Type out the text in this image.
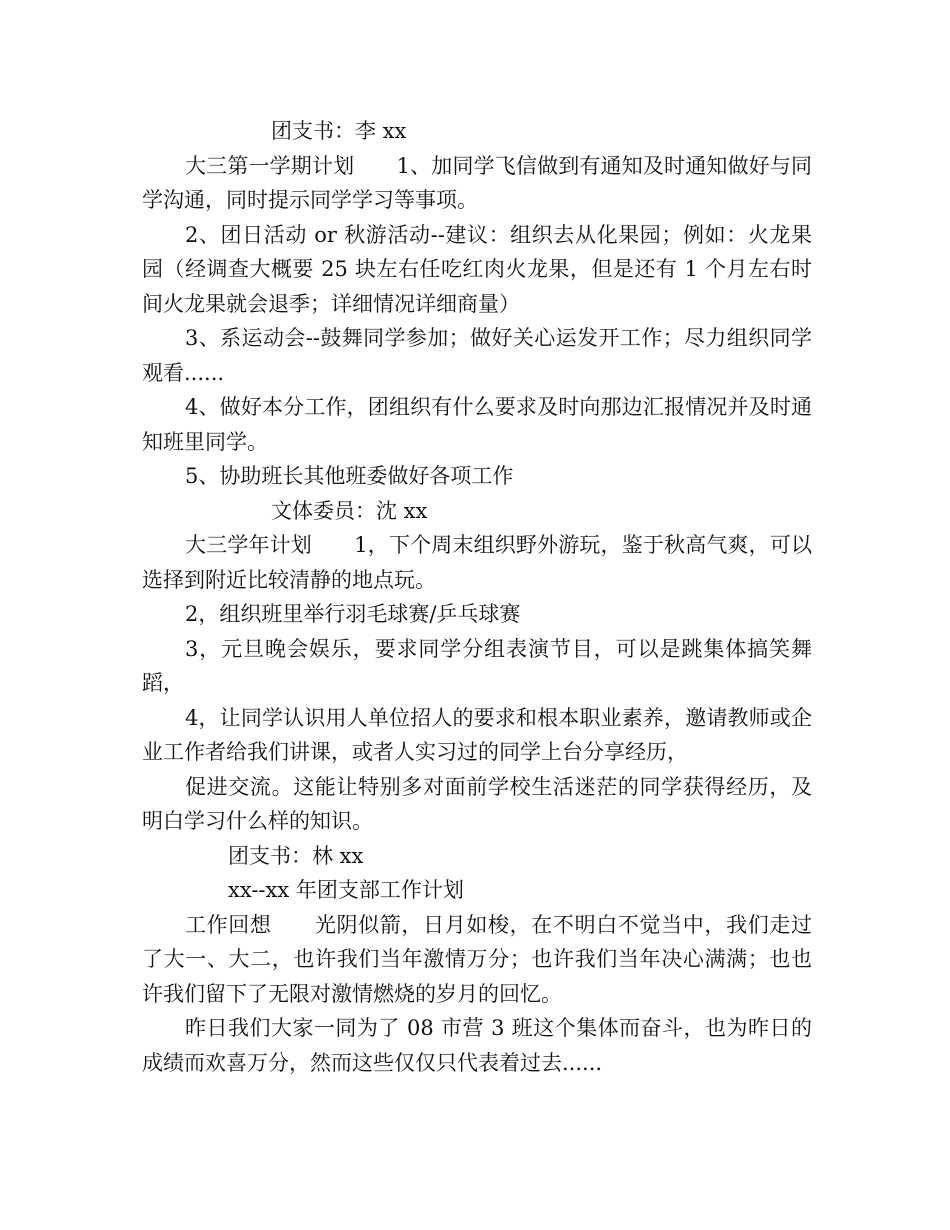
团支书：李 xx

大三第一学期计划　　1、加同学飞信做到有通知及时通知做好与同学沟通，同时提示同学学习等事项。

2、团日活动 or 秋游活动--建议：组织去从化果园；例如：火龙果园（经调查大概要 25 块左右任吃红肉火龙果，但是还有 1 个月左右时间火龙果就会退季；详细情况详细商量）

3、系运动会--鼓舞同学参加；做好关心运发开工作；尽力组织同学观看......

4、做好本分工作，团组织有什么要求及时向那边汇报情况并及时通知班里同学。

5、协助班长其他班委做好各项工作

文体委员：沈 xx

大三学年计划　　1，下个周末组织野外游玩，鉴于秋高气爽，可以选择到附近比较清静的地点玩。

2，组织班里举行羽毛球赛/乒乓球赛

3，元旦晚会娱乐，要求同学分组表演节目，可以是跳集体搞笑舞蹈，

4，让同学认识用人单位招人的要求和根本职业素养，邀请教师或企业工作者给我们讲课，或者人实习过的同学上台分享经历，

促进交流。这能让特别多对面前学校生活迷茫的同学获得经历，及明白学习什么样的知识。

团支书：林 xx

xx--xx 年团支部工作计划

工作回想　　光阴似箭，日月如梭，在不明白不觉当中，我们走过了大一、大二，也许我们当年激情万分；也许我们当年决心满满；也也许我们留下了无限对激情燃烧的岁月的回忆。

昨日我们大家一同为了 08 市营 3 班这个集体而奋斗，也为昨日的成绩而欢喜万分，然而这些仅仅只代表着过去......
